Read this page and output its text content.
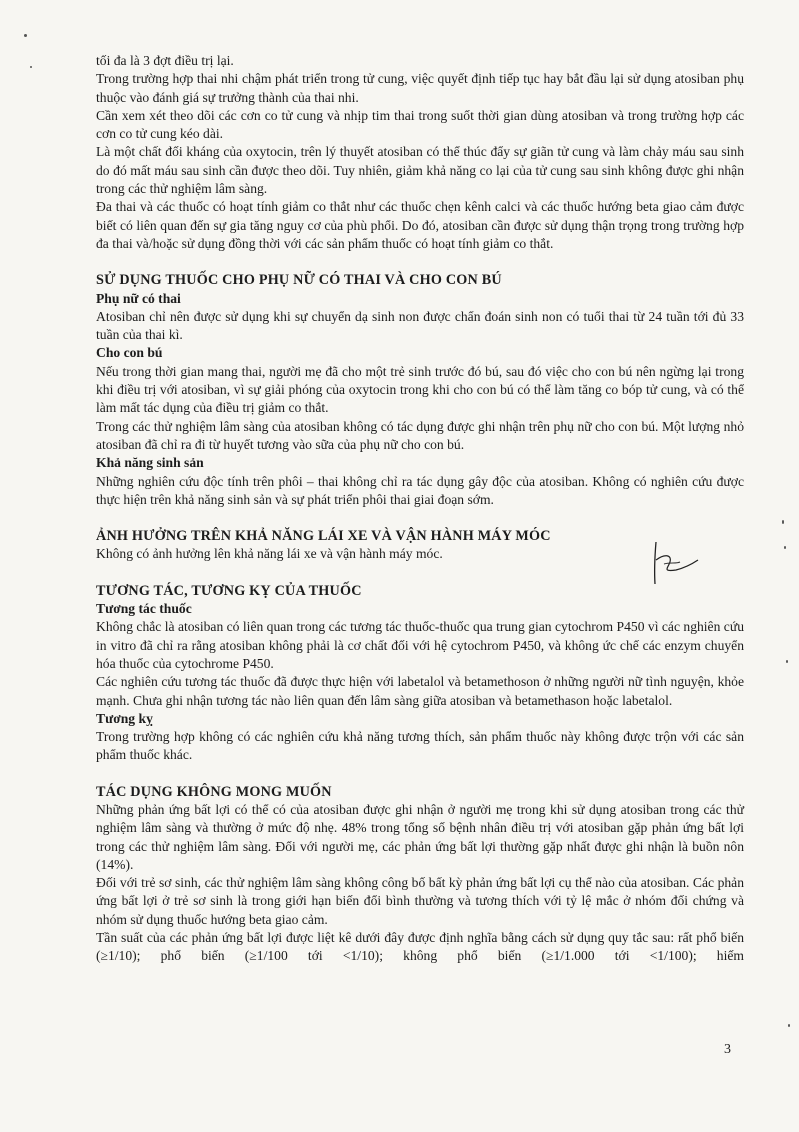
tối đa là 3 đợt điều trị lại.

Trong trường hợp thai nhi chậm phát triển trong tử cung, việc quyết định tiếp tục hay bắt đầu lại sử dụng atosiban phụ thuộc vào đánh giá sự trưởng thành của thai nhi.

Cần xem xét theo dõi các cơn co tử cung và nhịp tim thai trong suốt thời gian dùng atosiban và trong trường hợp các cơn co tử cung kéo dài.

Là một chất đối kháng của oxytocin, trên lý thuyết atosiban có thể thúc đẩy sự giãn tử cung và làm chảy máu sau sinh do đó mất máu sau sinh cần được theo dõi. Tuy nhiên, giảm khả năng co lại của tử cung sau sinh không được ghi nhận trong các thử nghiệm lâm sàng.

Đa thai và các thuốc có hoạt tính giảm co thắt như các thuốc chẹn kênh calci và các thuốc hướng beta giao cảm được biết có liên quan đến sự gia tăng nguy cơ của phù phổi. Do đó, atosiban cần được sử dụng thận trọng trong trường hợp đa thai và/hoặc sử dụng đồng thời với các sản phẩm thuốc có hoạt tính giảm co thắt.

SỬ DỤNG THUỐC CHO PHỤ NỮ CÓ THAI VÀ CHO CON BÚ
Phụ nữ có thai

Atosiban chỉ nên được sử dụng khi sự chuyển dạ sinh non được chẩn đoán sinh non có tuổi thai từ 24 tuần tới đủ 33 tuần của thai kì.

Cho con bú

Nếu trong thời gian mang thai, người mẹ đã cho một trẻ sinh trước đó bú, sau đó việc cho con bú nên ngừng lại trong khi điều trị với atosiban, vì sự giải phóng của oxytocin trong khi cho con bú có thể làm tăng co bóp tử cung, và có thể làm mất tác dụng của điều trị giảm co thắt.

Trong các thử nghiệm lâm sàng của atosiban không có tác dụng được ghi nhận trên phụ nữ cho con bú. Một lượng nhỏ atosiban đã chỉ ra đi từ huyết tương vào sữa của phụ nữ cho con bú.

Khả năng sinh sản

Những nghiên cứu độc tính trên phôi – thai không chỉ ra tác dụng gây độc của atosiban. Không có nghiên cứu được thực hiện trên khả năng sinh sản và sự phát triển phôi thai giai đoạn sớm.

ẢNH HƯỞNG TRÊN KHẢ NĂNG LÁI XE VÀ VẬN HÀNH MÁY MÓC

Không có ảnh hưởng lên khả năng lái xe và vận hành máy móc.

TƯƠNG TÁC, TƯƠNG KỴ CỦA THUỐC
Tương tác thuốc

Không chắc là atosiban có liên quan trong các tương tác thuốc-thuốc qua trung gian cytochrom P450 vì các nghiên cứu in vitro đã chỉ ra rằng atosiban không phải là cơ chất đối với hệ cytochrom P450, và không ức chế các enzym chuyển hóa thuốc của cytochrome P450.

Các nghiên cứu tương tác thuốc đã được thực hiện với labetalol và betamethoson ở những người nữ tình nguyện, khỏe mạnh. Chưa ghi nhận tương tác nào liên quan đến lâm sàng giữa atosiban và betamethason hoặc labetalol.

Tương kỵ

Trong trường hợp không có các nghiên cứu khả năng tương thích, sản phẩm thuốc này không được trộn với các sản phẩm thuốc khác.

TÁC DỤNG KHÔNG MONG MUỐN

Những phản ứng bất lợi có thể có của atosiban được ghi nhận ở người mẹ trong khi sử dụng atosiban trong các thử nghiệm lâm sàng và thường ở mức độ nhẹ. 48% trong tổng số bệnh nhân điều trị với atosiban gặp phản ứng bất lợi trong các thử nghiệm lâm sàng. Đối với người mẹ, các phản ứng bất lợi thường gặp nhất được ghi nhận là buồn nôn (14%).

Đối với trẻ sơ sinh, các thử nghiệm lâm sàng không công bố bất kỳ phản ứng bất lợi cụ thể nào của atosiban. Các phản ứng bất lợi ở trẻ sơ sinh là trong giới hạn biến đổi bình thường và tương thích với tỷ lệ mắc ở nhóm đối chứng và nhóm sử dụng thuốc hướng beta giao cảm.

Tần suất của các phản ứng bất lợi được liệt kê dưới đây được định nghĩa bằng cách sử dụng quy tắc sau: rất phổ biến (≥1/10); phổ biến (≥1/100 tới <1/10); không phổ biến (≥1/1.000 tới <1/100); hiếm

3
